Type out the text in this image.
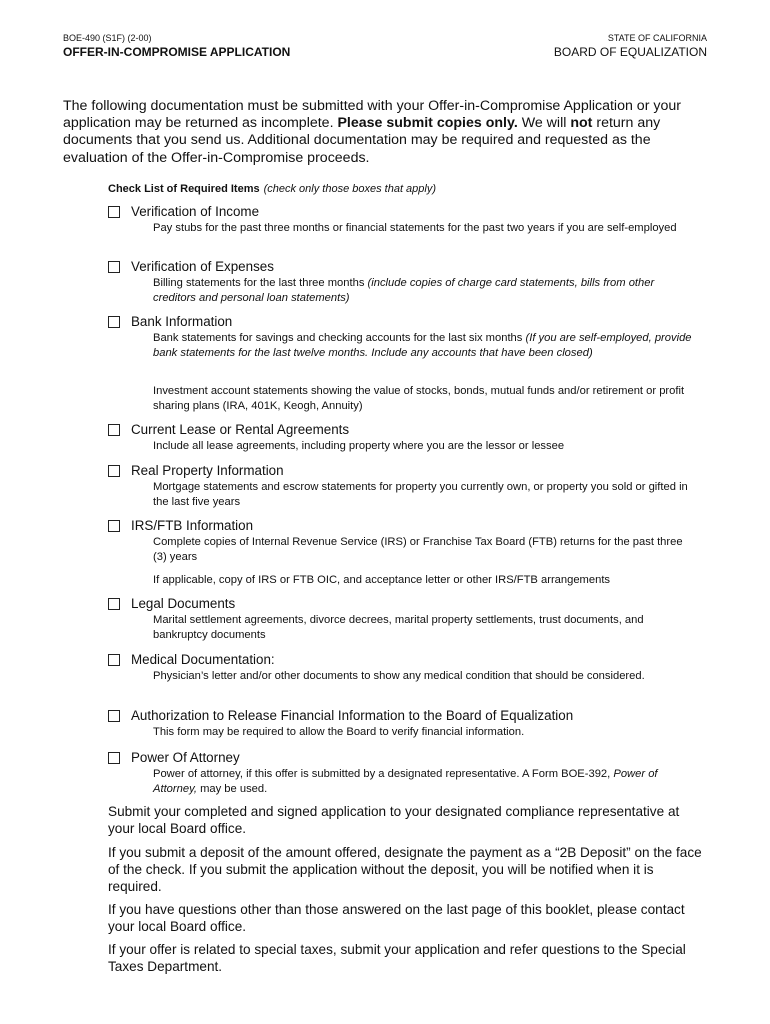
BOE-490 (S1F) (2-00)
OFFER-IN-COMPROMISE APPLICATION
STATE OF CALIFORNIA
BOARD OF EQUALIZATION
The following documentation must be submitted with your Offer-in-Compromise Application or your application may be returned as incomplete. Please submit copies only. We will not return any documents that you send us. Additional documentation may be required and requested as the evaluation of the Offer-in-Compromise proceeds.
Check List of Required Items (check only those boxes that apply)
Verification of Income
Pay stubs for the past three months or financial statements for the past two years if you are self-employed
Verification of Expenses
Billing statements for the last three months (include copies of charge card statements, bills from other creditors and personal loan statements)
Bank Information
Bank statements for savings and checking accounts for the last six months (If you are self-employed, provide bank statements for the last twelve months. Include any accounts that have been closed)
Investment account statements showing the value of stocks, bonds, mutual funds and/or retirement or profit sharing plans (IRA, 401K, Keogh, Annuity)
Current Lease or Rental Agreements
Include all lease agreements, including property where you are the lessor or lessee
Real Property Information
Mortgage statements and escrow statements for property you currently own, or property you sold or gifted in the last five years
IRS/FTB Information
Complete copies of Internal Revenue Service (IRS) or Franchise Tax Board (FTB) returns for the past three (3) years
If applicable, copy of IRS or FTB OIC, and acceptance letter or other IRS/FTB arrangements
Legal Documents
Marital settlement agreements, divorce decrees, marital property settlements, trust documents, and bankruptcy documents
Medical Documentation:
Physician’s letter and/or other documents to show any medical condition that should be considered.
Authorization to Release Financial Information to the Board of Equalization
This form may be required to allow the Board to verify financial information.
Power Of Attorney
Power of attorney, if this offer is submitted by a designated representative. A Form BOE-392, Power of Attorney, may be used.
Submit your completed and signed application to your designated compliance representative at your local Board office.
If you submit a deposit of the amount offered, designate the payment as a “2B Deposit” on the face of the check. If you submit the application without the deposit, you will be notified when it is required.
If you have questions other than those answered on the last page of this booklet, please contact your local Board office.
If your offer is related to special taxes, submit your application and refer questions to the Special Taxes Department.
